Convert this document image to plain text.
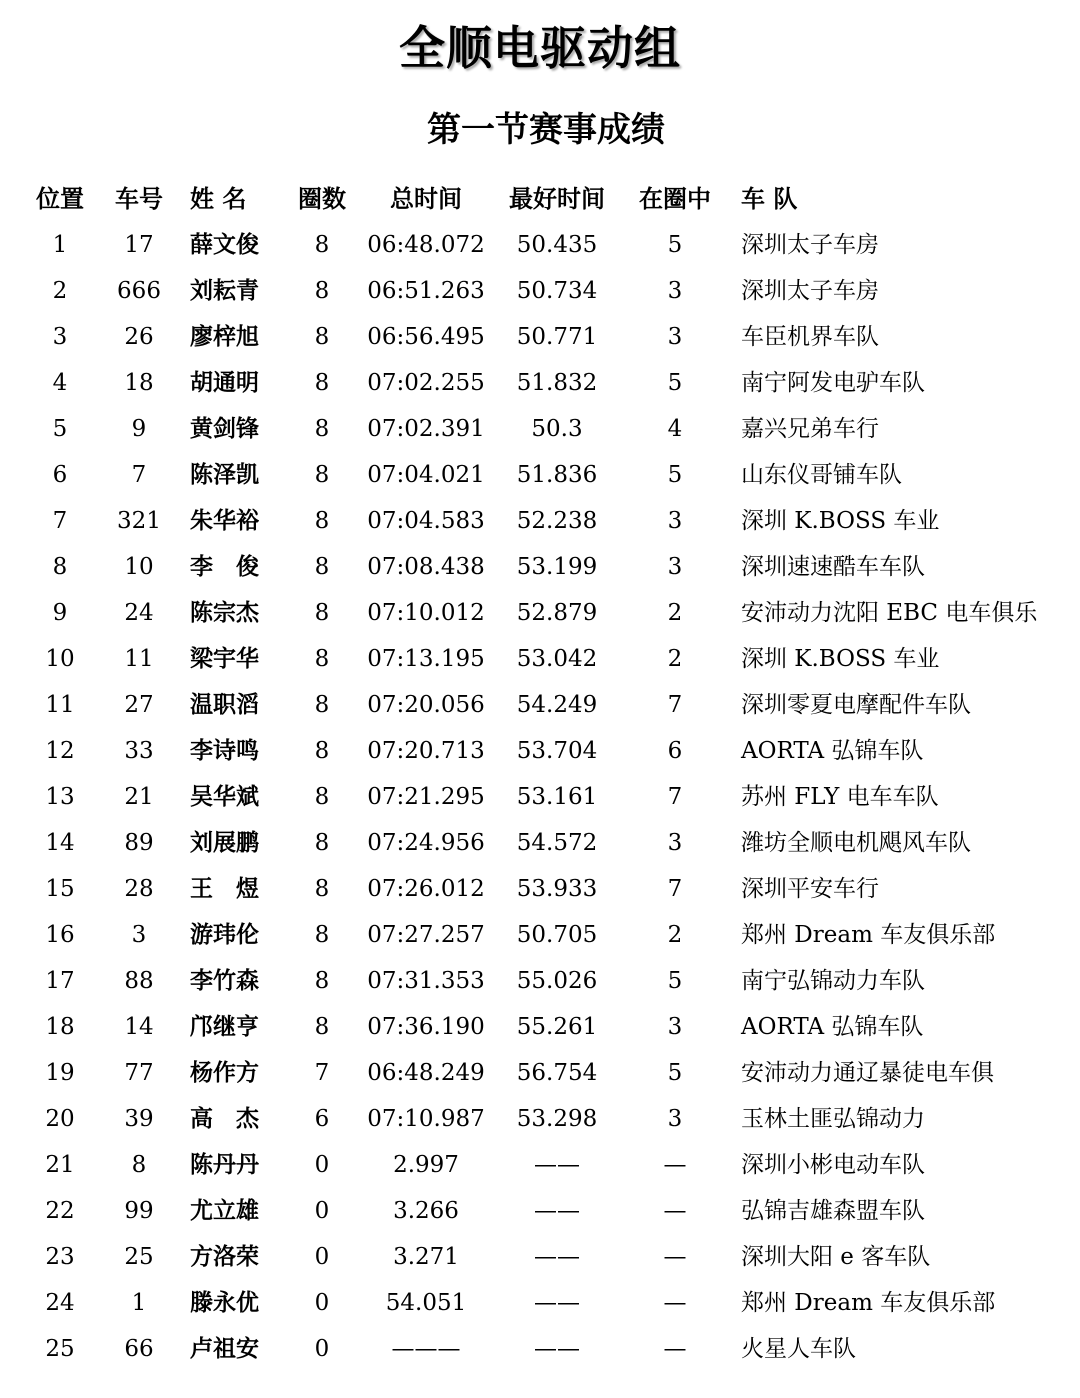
全顺电驱动组
第一节赛事成绩
位置	车号	姓 名	圈数	总时间	最好时间	在圈中	车 队
1	17	薛文俊	8	06:48.072	50.435	5	深圳太子车房
2	666	刘耘青	8	06:51.263	50.734	3	深圳太子车房
3	26	廖梓旭	8	06:56.495	50.771	3	车臣机界车队
4	18	胡通明	8	07:02.255	51.832	5	南宁阿发电驴车队
5	9	黄剑锋	8	07:02.391	50.3	4	嘉兴兄弟车行
6	7	陈泽凯	8	07:04.021	51.836	5	山东仪哥铺车队
7	321	朱华裕	8	07:04.583	52.238	3	深圳 K.BOSS 车业
8	10	李　俊	8	07:08.438	53.199	3	深圳速速酷车车队
9	24	陈宗杰	8	07:10.012	52.879	2	安沛动力沈阳 EBC 电车俱乐
10	11	梁宇华	8	07:13.195	53.042	2	深圳 K.BOSS 车业
11	27	温职滔	8	07:20.056	54.249	7	深圳零夏电摩配件车队
12	33	李诗鸣	8	07:20.713	53.704	6	AORTA 弘锦车队
13	21	吴华斌	8	07:21.295	53.161	7	苏州 FLY 电车车队
14	89	刘展鹏	8	07:24.956	54.572	3	潍坊全顺电机飓风车队
15	28	王　煜	8	07:26.012	53.933	7	深圳平安车行
16	3	游玮伦	8	07:27.257	50.705	2	郑州 Dream 车友俱乐部
17	88	李竹森	8	07:31.353	55.026	5	南宁弘锦动力车队
18	14	邝继亨	8	07:36.190	55.261	3	AORTA 弘锦车队
19	77	杨作方	7	06:48.249	56.754	5	安沛动力通辽暴徒电车俱
20	39	高　杰	6	07:10.987	53.298	3	玉林土匪弘锦动力
21	8	陈丹丹	0	2.997	——	—	深圳小彬电动车队
22	99	尤立雄	0	3.266	——	—	弘锦吉雄森盟车队
23	25	方洛荣	0	3.271	——	—	深圳大阳 e 客车队
24	1	滕永优	0	54.051	——	—	郑州 Dream 车友俱乐部
25	66	卢祖安	0	———	——	—	火星人车队
